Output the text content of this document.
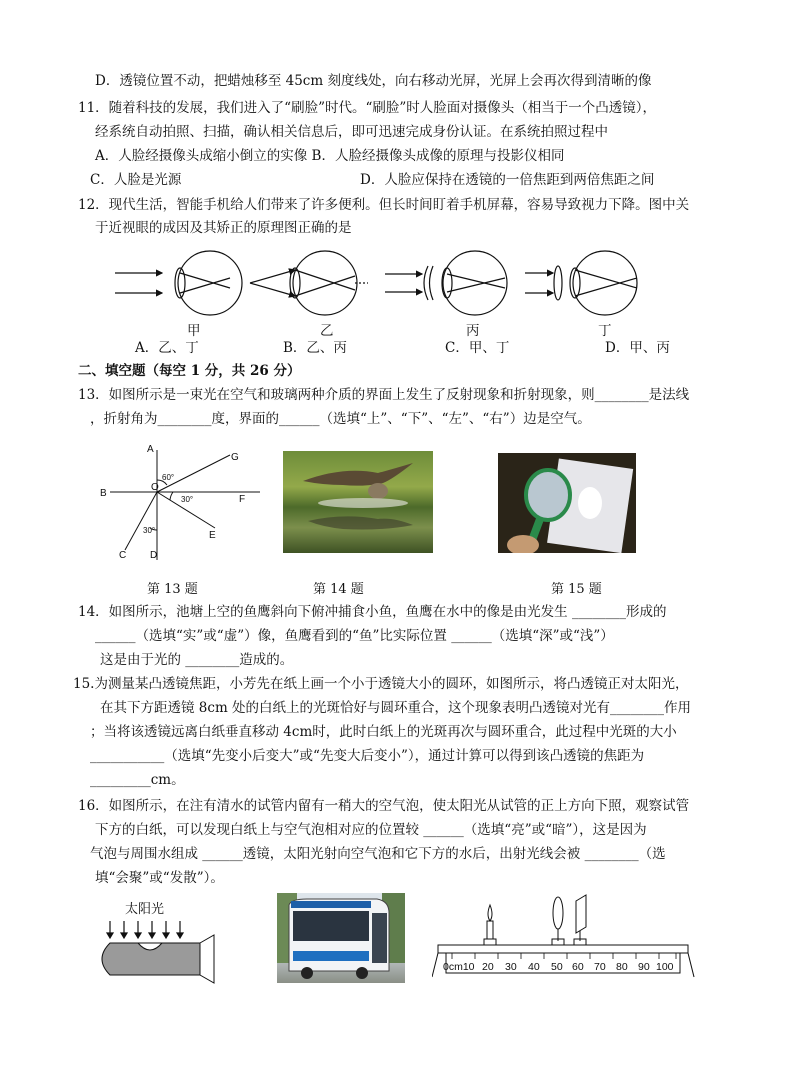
D．透镜位置不动，把蜡烛移至 45cm 刻度线处，向右移动光屏，光屏上会再次得到清晰的像
11．随着科技的发展，我们进入了“刷脸”时代。“刷脸”时人脸面对摄像头（相当于一个凸透镜），
经系统自动拍照、扫描，确认相关信息后，即可迅速完成身份认证。在系统拍照过程中
A．人脸经摄像头成缩小倒立的实像 B．人脸经摄像头成像的原理与投影仪相同
C．人脸是光源	D．人脸应保持在透镜的一倍焦距到两倍焦距之间
12．现代生活，智能手机给人们带来了许多便利。但长时间盯着手机屏幕，容易导致视力下降。图中关
于近视眼的成因及其矫正的原理图正确的是
甲	乙	丙	丁
A．乙、丁	B．乙、丙	C．甲、丁	D．甲、丙
二、填空题（每空 1 分，共 26 分）
13．如图所示是一束光在空气和玻璃两种介质的界面上发生了反射现象和折射现象，则________是法线
，折射角为________度，界面的______（选填“上”、“下”、“左”、“右”）边是空气。
A
B
C D
E
F
G
O
60°
30°
30°
第 13 题	第 14 题	第 15 题
14．如图所示，池塘上空的鱼鹰斜向下俯冲捕食小鱼，鱼鹰在水中的像是由光发生 ________形成的
______（选填“实”或“虚”）像，鱼鹰看到的“鱼”比实际位置 ______（选填“深”或“浅”）
这是由于光的 ________造成的。
15.为测量某凸透镜焦距，小芳先在纸上画一个小于透镜大小的圆环，如图所示，将凸透镜正对太阳光，
在其下方距透镜 8cm 处的白纸上的光斑恰好与圆环重合，这个现象表明凸透镜对光有________作用
；当将该透镜远离白纸垂直移动 4cm时，此时白纸上的光斑再次与圆环重合，此过程中光斑的大小
___________（选填“先变小后变大”或“先变大后变小”），通过计算可以得到该凸透镜的焦距为
_________cm。
16．如图所示，在注有清水的试管内留有一稍大的空气泡，使太阳光从试管的正上方向下照，观察试管
下方的白纸，可以发现白纸上与空气泡相对应的位置较 ______（选填“亮”或“暗”），这是因为
气泡与周围水组成 ______透镜，太阳光射向空气泡和它下方的水后，出射光线会被 ________（选
填“会聚”或“发散”）。
太阳光
0cm10 20 30 40 50 60 70 80 90 100
